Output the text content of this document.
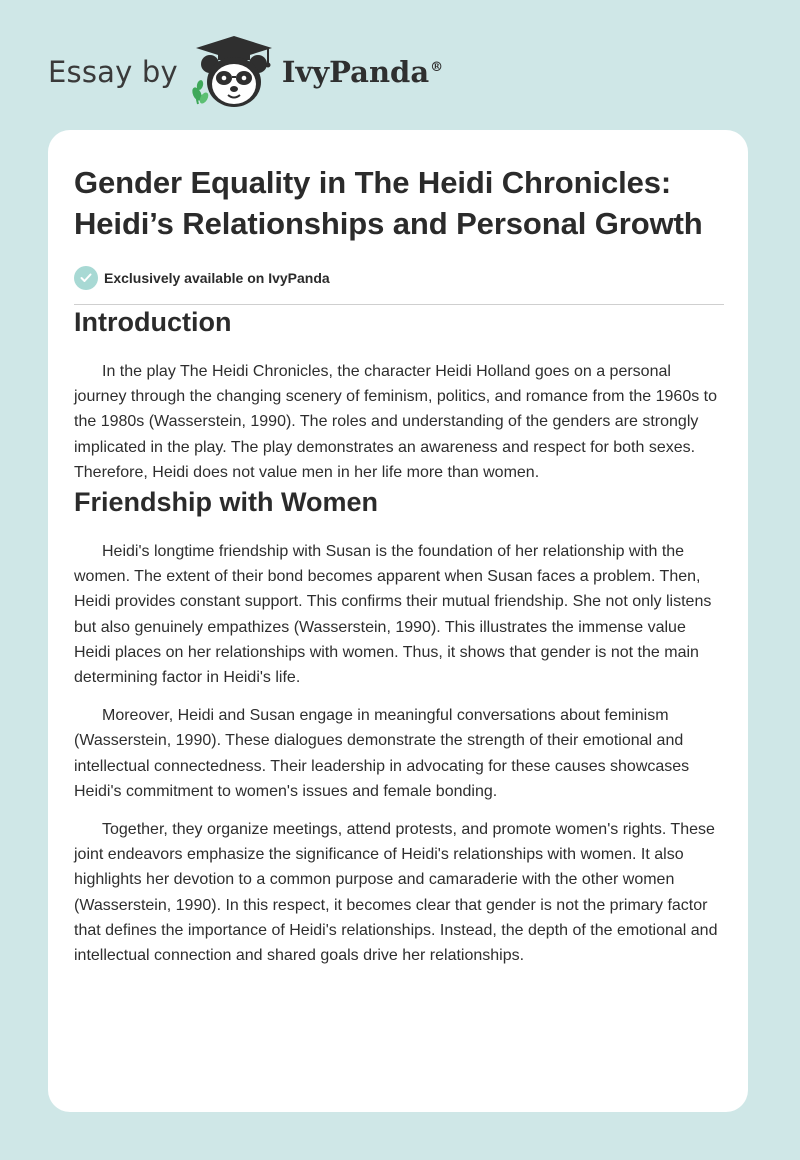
Essay by	IvyPanda®
Gender Equality in The Heidi Chronicles: Heidi’s Relationships and Personal Growth
Exclusively available on IvyPanda
Introduction

In the play The Heidi Chronicles, the character Heidi Holland goes on a personal journey through the changing scenery of feminism, politics, and romance from the 1960s to the 1980s (Wasserstein, 1990). The roles and understanding of the genders are strongly implicated in the play. The play demonstrates an awareness and respect for both sexes. Therefore, Heidi does not value men in her life more than women.

Friendship with Women

Heidi's longtime friendship with Susan is the foundation of her relationship with the women. The extent of their bond becomes apparent when Susan faces a problem. Then, Heidi provides constant support. This confirms their mutual friendship. She not only listens but also genuinely empathizes (Wasserstein, 1990). This illustrates the immense value Heidi places on her relationships with women. Thus, it shows that gender is not the main determining factor in Heidi's life.

Moreover, Heidi and Susan engage in meaningful conversations about feminism (Wasserstein, 1990). These dialogues demonstrate the strength of their emotional and intellectual connectedness. Their leadership in advocating for these causes showcases Heidi's commitment to women's issues and female bonding.

Together, they organize meetings, attend protests, and promote women's rights. These joint endeavors emphasize the significance of Heidi's relationships with women. It also highlights her devotion to a common purpose and camaraderie with the other women (Wasserstein, 1990). In this respect, it becomes clear that gender is not the primary factor that defines the importance of Heidi's relationships. Instead, the depth of the emotional and intellectual connection and shared goals drive her relationships.
